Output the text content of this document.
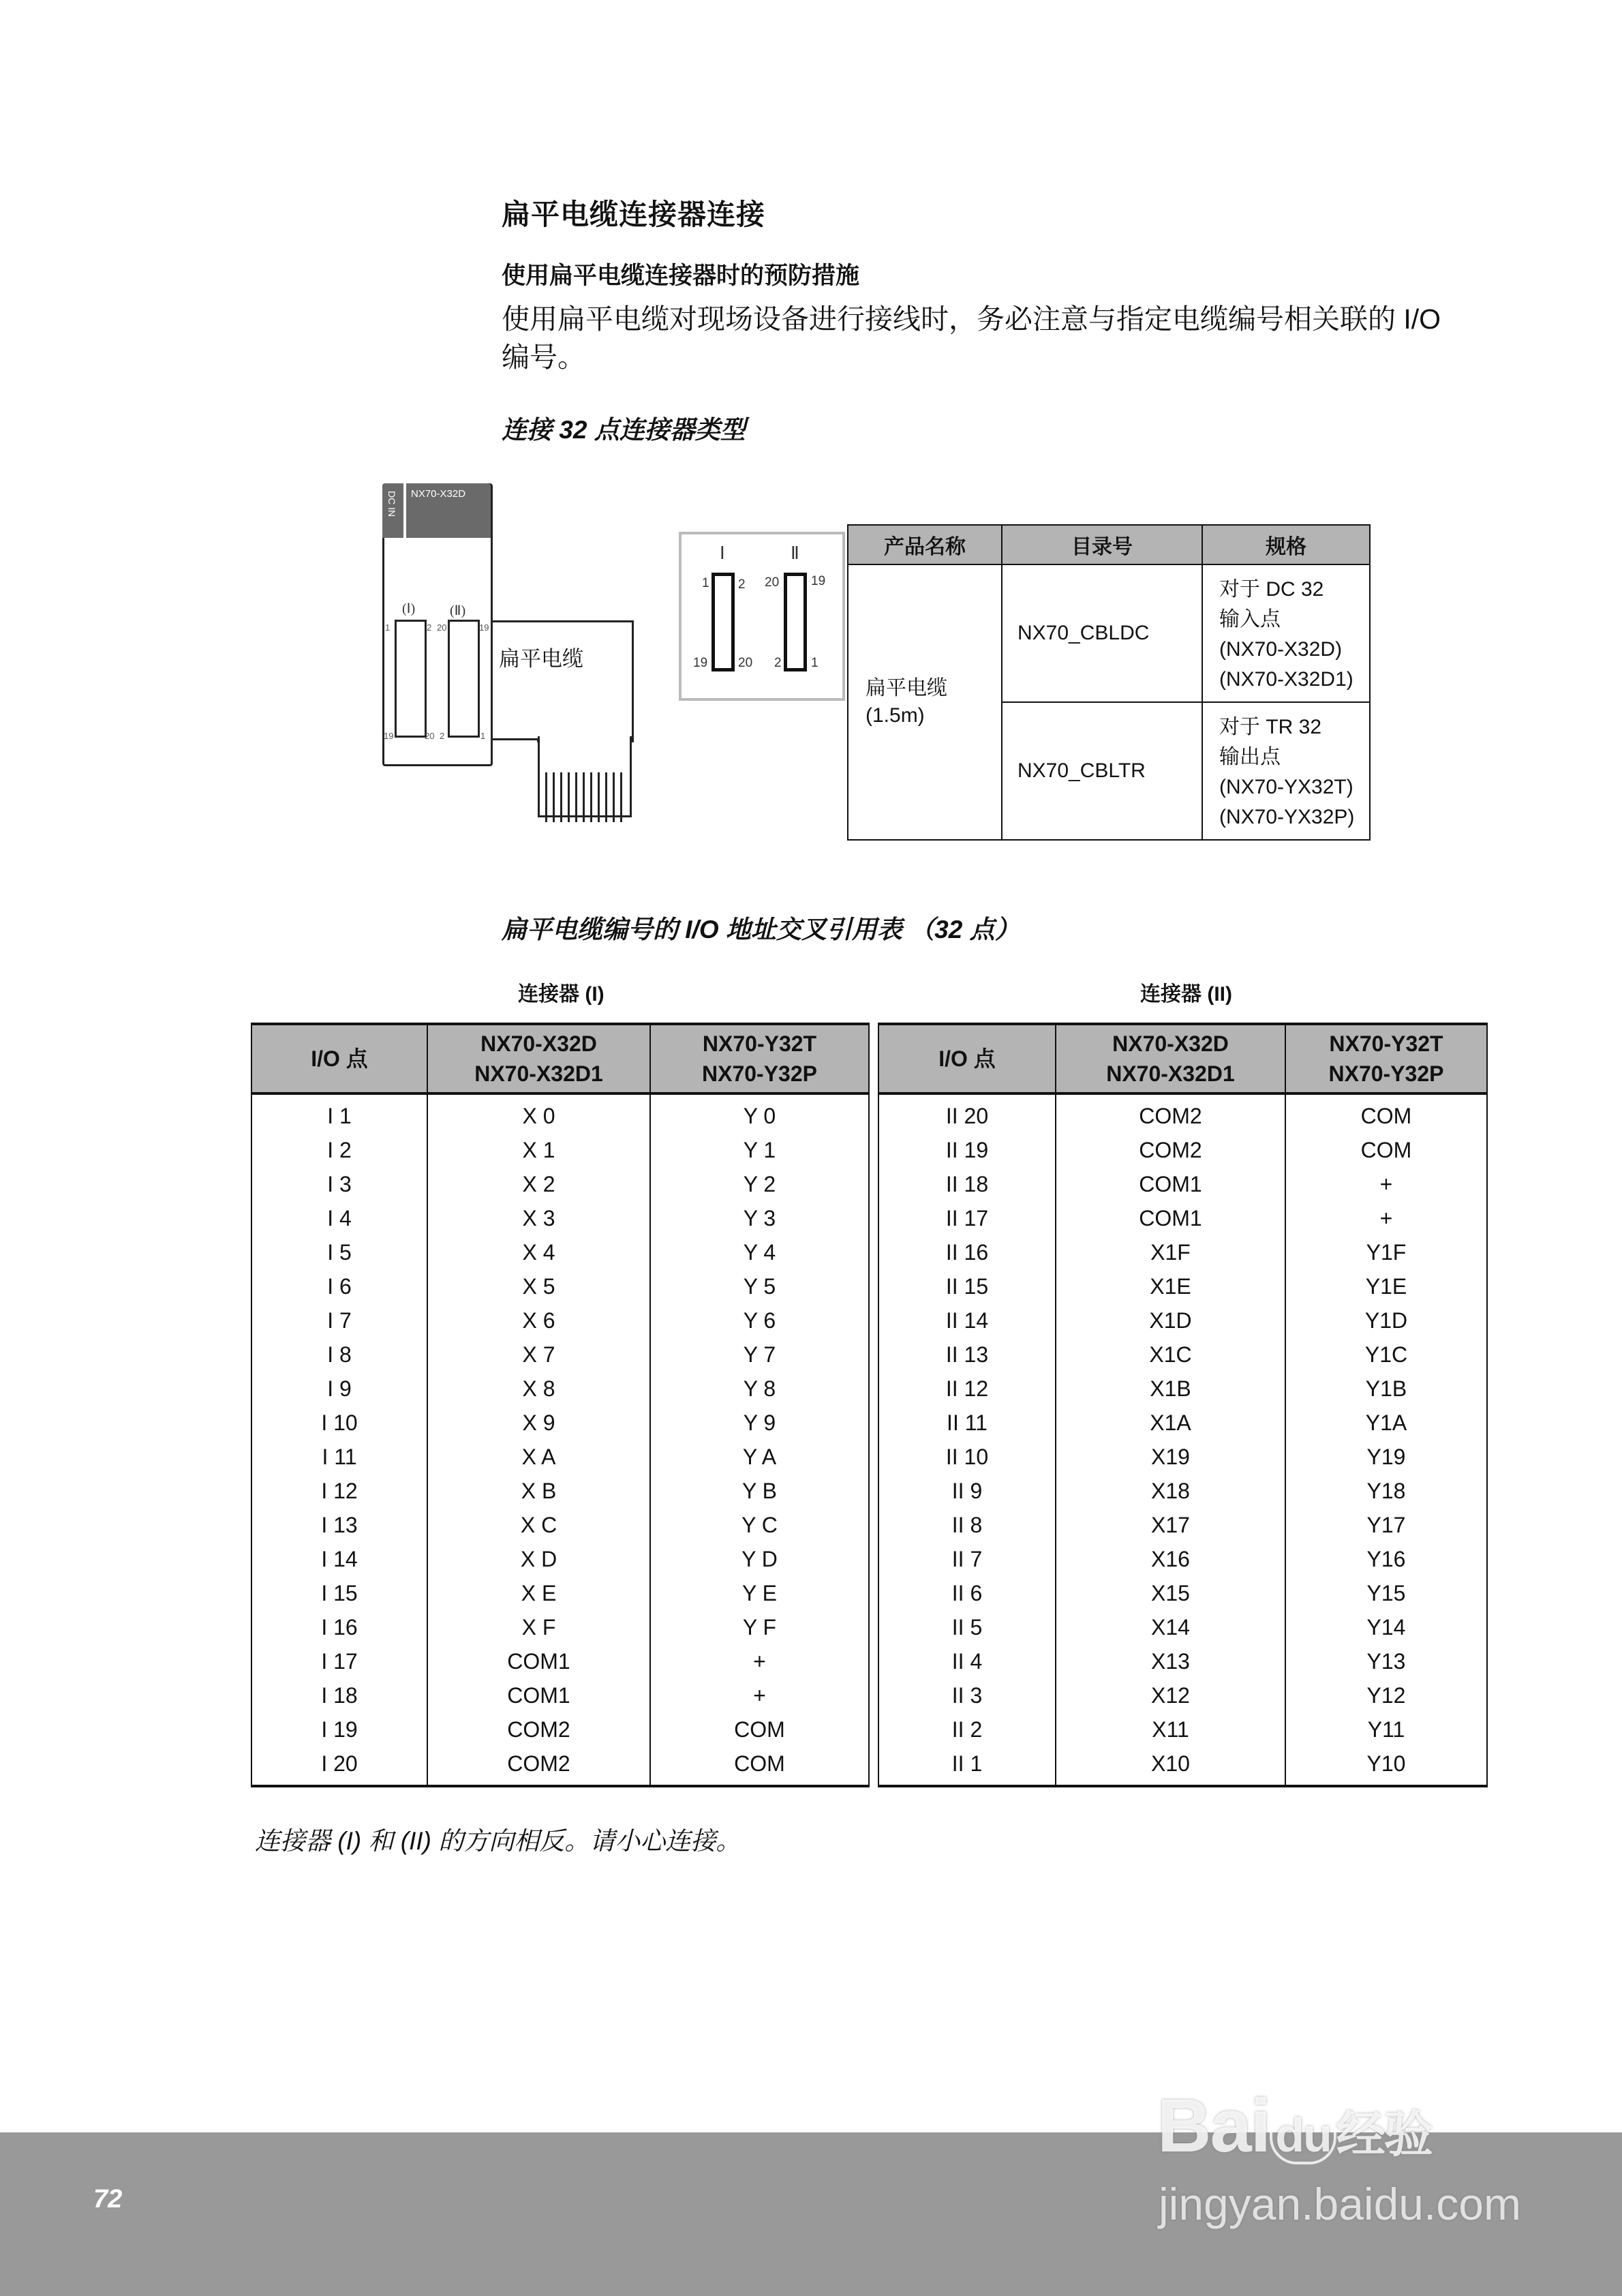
扁平电缆连接器连接
使用扁平电缆连接器时的预防措施
使用扁平电缆对现场设备进行接线时，务必注意与指定电缆编号相关联的 I/O 编号。
连接 32 点连接器类型
DC IN NX70-X32D
(Ⅰ)	(Ⅱ)
1	2
19	20
20	19
2	1
扁平电缆
Ⅰ	Ⅱ
1 2
19 20
20 19
2 1
产品名称	目录号	规格

扁平电缆
(1.5m)
	NX70_CBLDC	
对于 DC 32
输入点
(NX70-X32D)
(NX70-X32D1)

	NX70_CBLTR	对于 TR 32
输出点
(NX70-YX32T)
(NX70-YX32P)
扁平电缆编号的 I/O 地址交叉引用表 （32 点）
连接器 (I)	连接器 (II)
I/O 点	
NX70-X32D
NX70-X32D1

NX70-Y32T
NX70-Y32P

I 1	X 0	Y 0
I 2	X 1	Y 1
I 3	X 2	Y 2
I 4	X 3	Y 3
I 5	X 4	Y 4
I 6	X 5	Y 5
I 7	X 6	Y 6
I 8	X 7	Y 7
I 9	X 8	Y 8
I 10	X 9	Y 9
I 11	X A	Y A
I 12	X B	Y B
I 13	X C	Y C
I 14	X D	Y D
I 15	X E	Y E
I 16	X F	Y F
I 17	COM1	+
I 18	COM1	+
I 19	COM2	COM
I 20	COM2	COM
I/O 点	
NX70-X32D
NX70-X32D1

NX70-Y32T
NX70-Y32P

II 20	COM2	COM
II 19	COM2	COM
II 18	COM1	+
II 17	COM1	+
II 16	X1F	Y1F
II 15	X1E	Y1E
II 14	X1D	Y1D
II 13	X1C	Y1C
II 12	X1B	Y1B
II 11	X1A	Y1A
II 10	X19	Y19
II 9	X18	Y18
II 8	X17	Y17
II 7	X16	Y16
II 6	X15	Y15
II 5	X14	Y14
II 4	X13	Y13
II 3	X12	Y12
II 2	X11	Y11
II 1	X10	Y10
连接器 (I) 和 (II) 的方向相反。请小心连接。
72
Bai du 经验
jingyan.baidu.com
